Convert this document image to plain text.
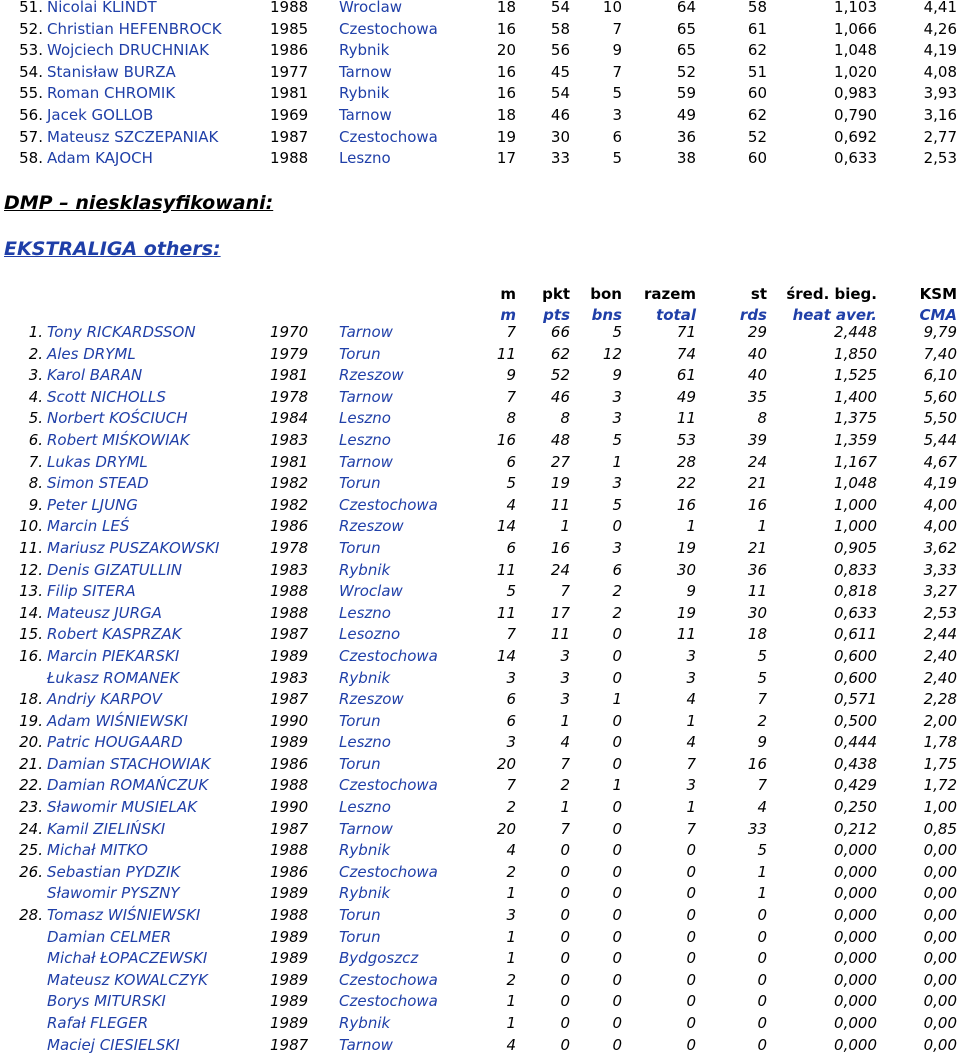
51. Nicolai KLINDT	1988 Wroclaw	18	54	10	64	58	1,103	4,41
52. Christian HEFENBROCK	1985 Czestochowa	16	58	7	65	61	1,066	4,26
53. Wojciech DRUCHNIAK	1986 Rybnik	20	56	9	65	62	1,048	4,19
54. Stanisław BURZA	1977 Tarnow	16	45	7	52	51	1,020	4,08
55. Roman CHROMIK	1981 Rybnik	16	54	5	59	60	0,983	3,93
56. Jacek GOLLOB	1969 Tarnow	18	46	3	49	62	0,790	3,16
57. Mateusz SZCZEPANIAK	1987 Czestochowa	19	30	6	36	52	0,692	2,77
58. Adam KAJOCH	1988 Leszno	17	33	5	38	60	0,633	2,53
DMP – niesklasyfikowani:
EKSTRALIGA others:
m	pkt	bon	razem	st	śred. bieg.	KSM
m	pts	bns	total	rds	heat aver.	CMA
1. Tony RICKARDSSON	1970 Tarnow	7	66	5	71	29	2,448	9,79
2. Ales DRYML	1979 Torun	11	62	12	74	40	1,850	7,40
3. Karol BARAN	1981 Rzeszow	9	52	9	61	40	1,525	6,10
4. Scott NICHOLLS	1978 Tarnow	7	46	3	49	35	1,400	5,60
5. Norbert KOŚCIUCH	1984 Leszno	8	8	3	11	8	1,375	5,50
6. Robert MIŚKOWIAK	1983 Leszno	16	48	5	53	39	1,359	5,44
7. Lukas DRYML	1981 Tarnow	6	27	1	28	24	1,167	4,67
8. Simon STEAD	1982 Torun	5	19	3	22	21	1,048	4,19
9. Peter LJUNG	1982 Czestochowa	4	11	5	16	16	1,000	4,00
10. Marcin LEŚ	1986 Rzeszow	14	1	0	1	1	1,000	4,00
11. Mariusz PUSZAKOWSKI	1978 Torun	6	16	3	19	21	0,905	3,62
12. Denis GIZATULLIN	1983 Rybnik	11	24	6	30	36	0,833	3,33
13. Filip SITERA	1988 Wroclaw	5	7	2	9	11	0,818	3,27
14. Mateusz JURGA	1988 Leszno	11	17	2	19	30	0,633	2,53
15. Robert KASPRZAK	1987 Lesozno	7	11	0	11	18	0,611	2,44
16. Marcin PIEKARSKI	1989 Czestochowa	14	3	0	3	5	0,600	2,40
Łukasz ROMANEK	1983 Rybnik	3	3	0	3	5	0,600	2,40
18. Andriy KARPOV	1987 Rzeszow	6	3	1	4	7	0,571	2,28
19. Adam WIŚNIEWSKI	1990 Torun	6	1	0	1	2	0,500	2,00
20. Patric HOUGAARD	1989 Leszno	3	4	0	4	9	0,444	1,78
21. Damian STACHOWIAK	1986 Torun	20	7	0	7	16	0,438	1,75
22. Damian ROMAŃCZUK	1988 Czestochowa	7	2	1	3	7	0,429	1,72
23. Sławomir MUSIELAK	1990 Leszno	2	1	0	1	4	0,250	1,00
24. Kamil ZIELIŃSKI	1987 Tarnow	20	7	0	7	33	0,212	0,85
25. Michał MITKO	1988 Rybnik	4	0	0	0	5	0,000	0,00
26. Sebastian PYDZIK	1986 Czestochowa	2	0	0	0	1	0,000	0,00
Sławomir PYSZNY	1989 Rybnik	1	0	0	0	1	0,000	0,00
28. Tomasz WIŚNIEWSKI	1988 Torun	3	0	0	0	0	0,000	0,00
Damian CELMER	1989 Torun	1	0	0	0	0	0,000	0,00
Michał ŁOPACZEWSKI	1989 Bydgoszcz	1	0	0	0	0	0,000	0,00
Mateusz KOWALCZYK	1989 Czestochowa	2	0	0	0	0	0,000	0,00
Borys MITURSKI	1989 Czestochowa	1	0	0	0	0	0,000	0,00
Rafał FLEGER	1989 Rybnik	1	0	0	0	0	0,000	0,00
Maciej CIESIELSKI	1987 Tarnow	4	0	0	0	0	0,000	0,00
